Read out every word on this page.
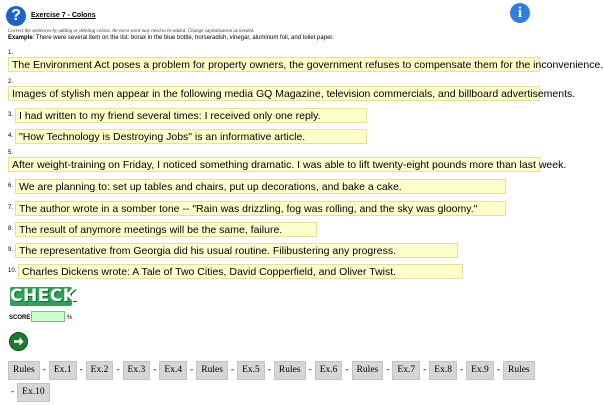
?	Exercise 7 - Colons	i
Correct the sentences by adding or deleting colons. An extra word may need to be added. Change capitalization as needed.
Example: There were several item on the list: borax in the blue bottle, horseradish, vinegar, aluminum foil, and toilet paper.
1.
The Environment Act poses a problem for property owners, the government refuses to compensate them for the inconvenience.
2.
Images of stylish men appear in the following media GQ Magazine, television commercials, and billboard advertisements.
3. I had written to my friend several times: I received only one reply.
4. "How Technology is Destroying Jobs" is an informative article.
5.
After weight-training on Friday, I noticed something dramatic. I was able to lift twenty-eight pounds more than last week.
6. We are planning to: set up tables and chairs, put up decorations, and bake a cake.
7. The author wrote in a somber tone -- "Rain was drizzling, fog was rolling, and the sky was gloomy."
8. The result of anymore meetings will be the same, failure.
9. The representative from Georgia did his usual routine. Filibustering any progress.
10. Charles Dickens wrote: A Tale of Two Cities, David Copperfield, and Oliver Twist.
CHECK
SCORE	%
Rules - Ex.1 - Ex.2 - Ex.3 - Ex.4 - Rules - Ex.5 - Rules - Ex.6 - Rules - Ex.7 - Ex.8 - Ex.9 - Rules- Ex.10
